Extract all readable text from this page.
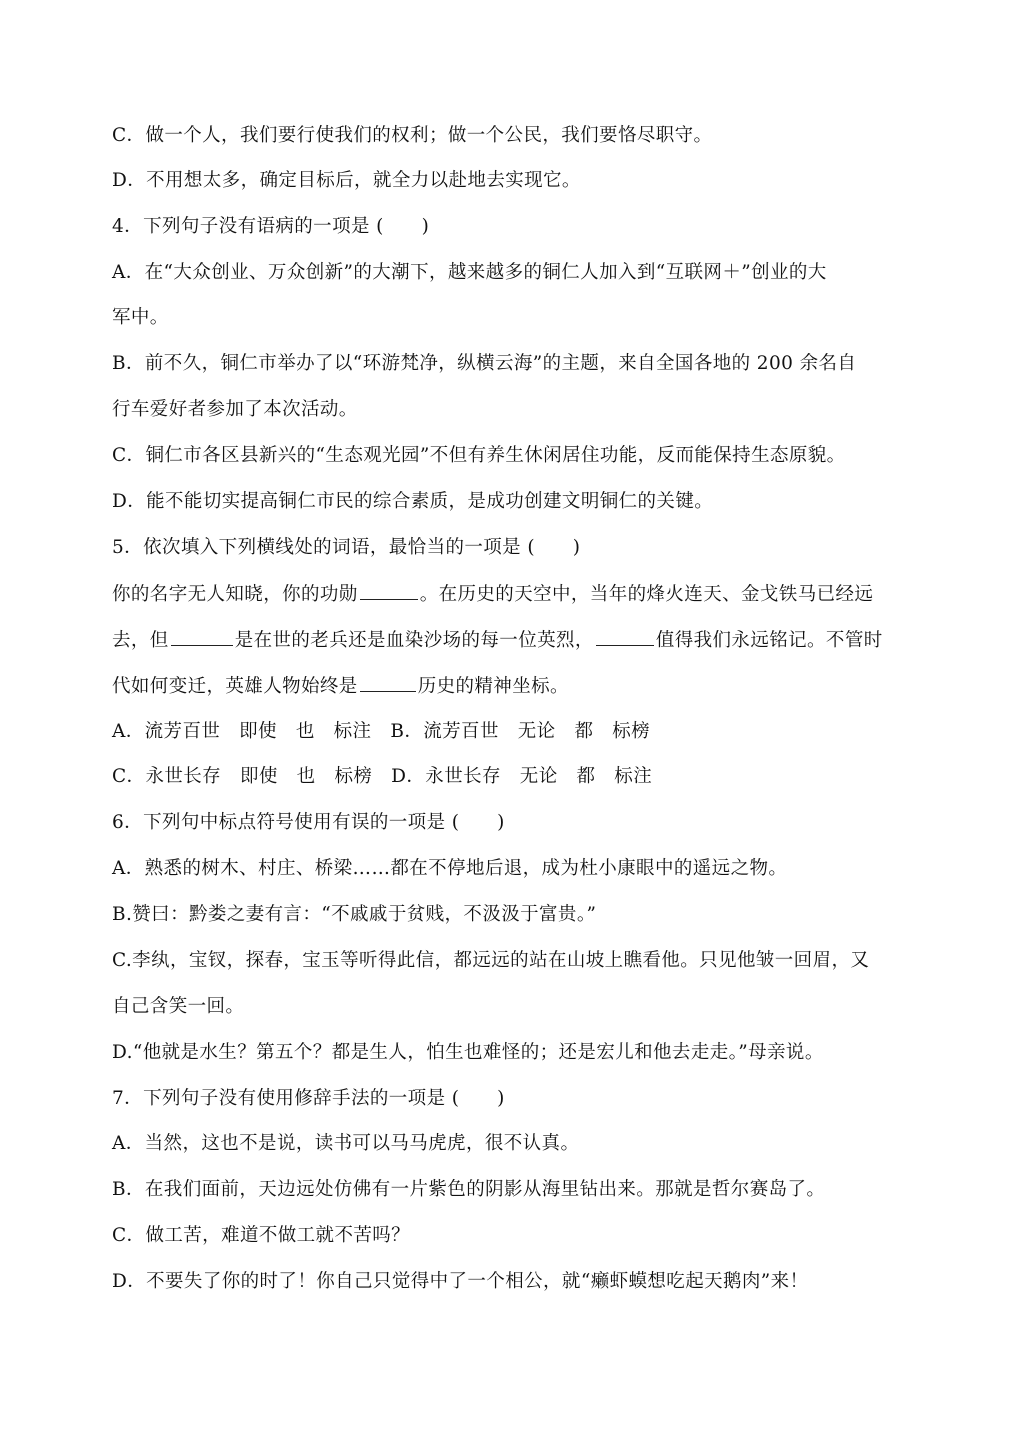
C．做一个人，我们要行使我们的权利；做一个公民，我们要恪尽职守。
D．不用想太多，确定目标后，就全力以赴地去实现它。
4．下列句子没有语病的一项是 (　　)
A．在“大众创业、万众创新”的大潮下，越来越多的铜仁人加入到“互联网＋”创业的大
军中。
B．前不久，铜仁市举办了以“环游梵净，纵横云海”的主题，来自全国各地的 200 余名自
行车爱好者参加了本次活动。
C．铜仁市各区县新兴的“生态观光园”不但有养生休闲居住功能，反而能保持生态原貌。
D．能不能切实提高铜仁市民的综合素质，是成功创建文明铜仁的关键。
5．依次填入下列横线处的词语，最恰当的一项是 (　　)
你的名字无人知晓，你的功勋	。在历史的天空中，当年的烽火连天、金戈铁马已经远
去，但	是在世的老兵还是血染沙场的每一位英烈，	值得我们永远铭记。不管时
代如何变迁，英雄人物始终是	历史的精神坐标。
A．流芳百世　即使　也　标注　B．流芳百世　无论　都　标榜
C．永世长存　即使　也　标榜　D．永世长存　无论　都　标注
6．下列句中标点符号使用有误的一项是 (　　)
A．熟悉的树木、村庄、桥梁……都在不停地后退，成为杜小康眼中的遥远之物。
B.赞曰：黔娄之妻有言：“不戚戚于贫贱，不汲汲于富贵。”
C.李纨，宝钗，探春，宝玉等听得此信，都远远的站在山坡上瞧看他。只见他皱一回眉，又
自己含笑一回。
D.“他就是水生？第五个？都是生人，怕生也难怪的；还是宏儿和他去走走。”母亲说。
7．下列句子没有使用修辞手法的一项是 (　　)
A．当然，这也不是说，读书可以马马虎虎，很不认真。
B．在我们面前，天边远处仿佛有一片紫色的阴影从海里钻出来。那就是哲尔赛岛了。
C．做工苦，难道不做工就不苦吗？
D．不要失了你的时了！你自己只觉得中了一个相公，就“癞虾蟆想吃起天鹅肉”来！
